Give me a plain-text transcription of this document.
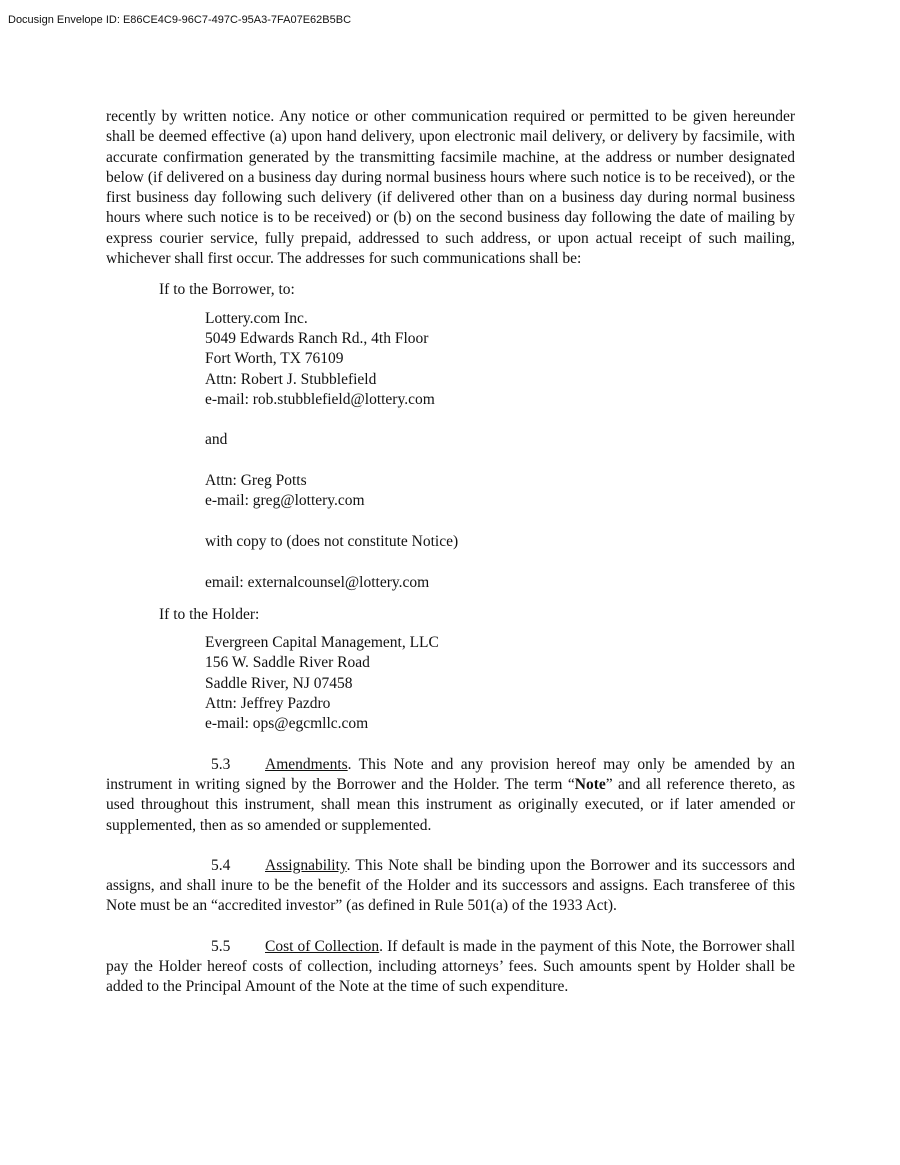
Docusign Envelope ID: E86CE4C9-96C7-497C-95A3-7FA07E62B5BC

recently by written notice. Any notice or other communication required or permitted to be given hereunder shall be deemed effective (a) upon hand delivery, upon electronic mail delivery, or delivery by facsimile, with accurate confirmation generated by the transmitting facsimile machine, at the address or number designated below (if delivered on a business day during normal business hours where such notice is to be received), or the first business day following such delivery (if delivered other than on a business day during normal business hours where such notice is to be received) or (b) on the second business day following the date of mailing by express courier service, fully prepaid, addressed to such address, or upon actual receipt of such mailing, whichever shall first occur. The addresses for such communications shall be:

If to the Borrower, to:
Lottery.com Inc.
5049 Edwards Ranch Rd., 4th Floor
Fort Worth, TX 76109
Attn: Robert J. Stubblefield
e-mail: rob.stubblefield@lottery.com
and
Attn: Greg Potts
e-mail: greg@lottery.com
with copy to (does not constitute Notice)
email: externalcounsel@lottery.com
If to the Holder:
Evergreen Capital Management, LLC
156 W. Saddle River Road
Saddle River, NJ 07458
Attn: Jeffrey Pazdro
e-mail: ops@egcmllc.com

5.3 Amendments. This Note and any provision hereof may only be amended by an instrument in writing signed by the Borrower and the Holder. The term “Note” and all reference thereto, as used throughout this instrument, shall mean this instrument as originally executed, or if later amended or supplemented, then as so amended or supplemented.

5.4 Assignability. This Note shall be binding upon the Borrower and its successors and assigns, and shall inure to be the benefit of the Holder and its successors and assigns. Each transferee of this Note must be an “accredited investor” (as defined in Rule 501(a) of the 1933 Act).

5.5 Cost of Collection. If default is made in the payment of this Note, the Borrower shall pay the Holder hereof costs of collection, including attorneys’ fees. Such amounts spent by Holder shall be added to the Principal Amount of the Note at the time of such expenditure.
